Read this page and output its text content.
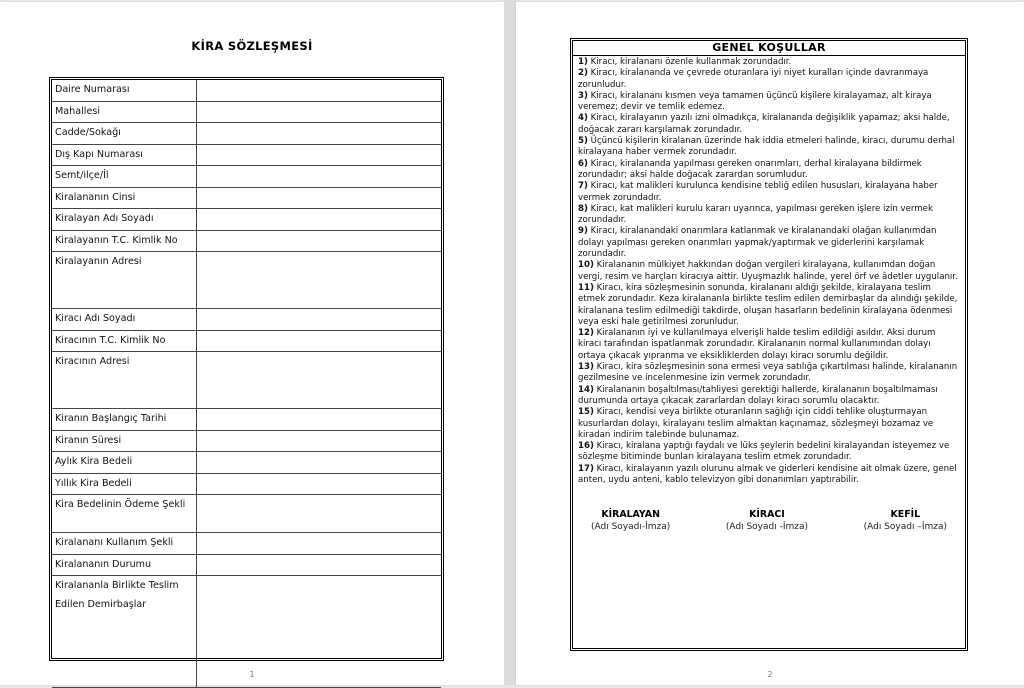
KİRA SÖZLEŞMESİ
Daire Numarası	
Mahallesi	
Cadde/Sokağı	
Dış Kapı Numarası	
Semt/ilçe/İl	
Kiralananın Cinsi	
Kiralayan Adı Soyadı	
Kiralayanın T.C. Kimlik No	
Kiralayanın Adresi	
Kiracı Adı Soyadı	
Kiracının T.C. Kimlik No	
Kiracının Adresi	
Kiranın Başlangıç Tarihi	
Kiranın Süresi	
Aylık Kira Bedeli	
Yıllık Kira Bedeli	
Kira Bedelinin Ödeme Şekli	
Kiralananı Kullanım Şekli	
Kiralananın Durumu	
Kiralananla Birlikte Teslim Edilen Demirbaşlar	
1
GENEL KOŞULLAR

1) Kiracı, kiralananı özenle kullanmak zorundadır.

2) Kiracı, kiralananda ve çevrede oturanlara iyi niyet kuralları içinde davranmaya zorunludur.

3) Kiracı, kiralananı kısmen veya tamamen üçüncü kişilere kiralayamaz, alt kiraya veremez; devir ve temlik edemez.

4) Kiracı, kiralayanın yazılı izni olmadıkça, kiralananda değişiklik yapamaz; aksi halde, doğacak zararı karşılamak zorundadır.

5) Üçüncü kişilerin kiralanan üzerinde hak iddia etmeleri halinde, kiracı, durumu derhal kiralayana haber vermek zorundadır.

6) Kiracı, kiralananda yapılması gereken onarımları, derhal kiralayana bildirmek zorundadır; aksi halde doğacak zarardan sorumludur.

7) Kiracı, kat malikleri kurulunca kendisine tebliğ edilen hususları, kiralayana haber vermek zorundadır.

8) Kiracı, kat malikleri kurulu kararı uyarınca, yapılması gereken işlere izin vermek zorundadır.

9) Kiracı, kiralanandaki onarımlara katlanmak ve kiralanandaki olağan kullanımdan dolayı yapılması gereken onarımları yapmak/yaptırmak ve giderlerini karşılamak zorundadır.

10) Kiralananın mülkiyet hakkından doğan vergileri kiralayana, kullanımdan doğan vergi, resim ve harçları kiracıya aittir. Uyuşmazlık halinde, yerel örf ve âdetler uygulanır.

11) Kiracı, kira sözleşmesinin sonunda, kiralananı aldığı şekilde, kiralayana teslim etmek zorundadır. Keza kiralananla birlikte teslim edilen demirbaşlar da alındığı şekilde, kiralanana teslim edilmediği takdirde, oluşan hasarların bedelinin kiralayana ödenmesi veya eski hale getirilmesi zorunludur.

12) Kiralananın iyi ve kullanılmaya elverişli halde teslim edildiği asıldır. Aksi durum kiracı tarafından ispatlanmak zorundadır. Kiralananın normal kullanımından dolayı ortaya çıkacak yıpranma ve eksikliklerden dolayı kiracı sorumlu değildir.

13) Kiracı, kira sözleşmesinin sona ermesi veya satılığa çıkartılması halinde, kiralananın gezilmesine ve incelenmesine izin vermek zorundadır.

14) Kiralananın boşaltılması/tahliyesi gerektiği hallerde, kiralananın boşaltılmaması durumunda ortaya çıkacak zararlardan dolayı kiracı sorumlu olacaktır.

15) Kiracı, kendisi veya birlikte oturanların sağlığı için ciddi tehlike oluşturmayan kusurlardan dolayı, kiralayanı teslim almaktan kaçınamaz, sözleşmeyi bozamaz ve kiradan indirim talebinde bulunamaz.

16) Kiracı, kiralana yaptığı faydalı ve lüks şeylerin bedelini kiralayandan isteyemez ve sözleşme bitiminde bunları kiralayana teslim etmek zorundadır.

17) Kiracı, kiralayanın yazılı olurunu almak ve giderleri kendisine ait olmak üzere, genel anten, uydu anteni, kablo televizyon gibi donanımları yaptırabilir.

KİRALAYAN
(Adı Soyadı-İmza)
KİRACI
(Adı Soyadı -İmza)
KEFİL
(Adı Soyadı –İmza)
2
